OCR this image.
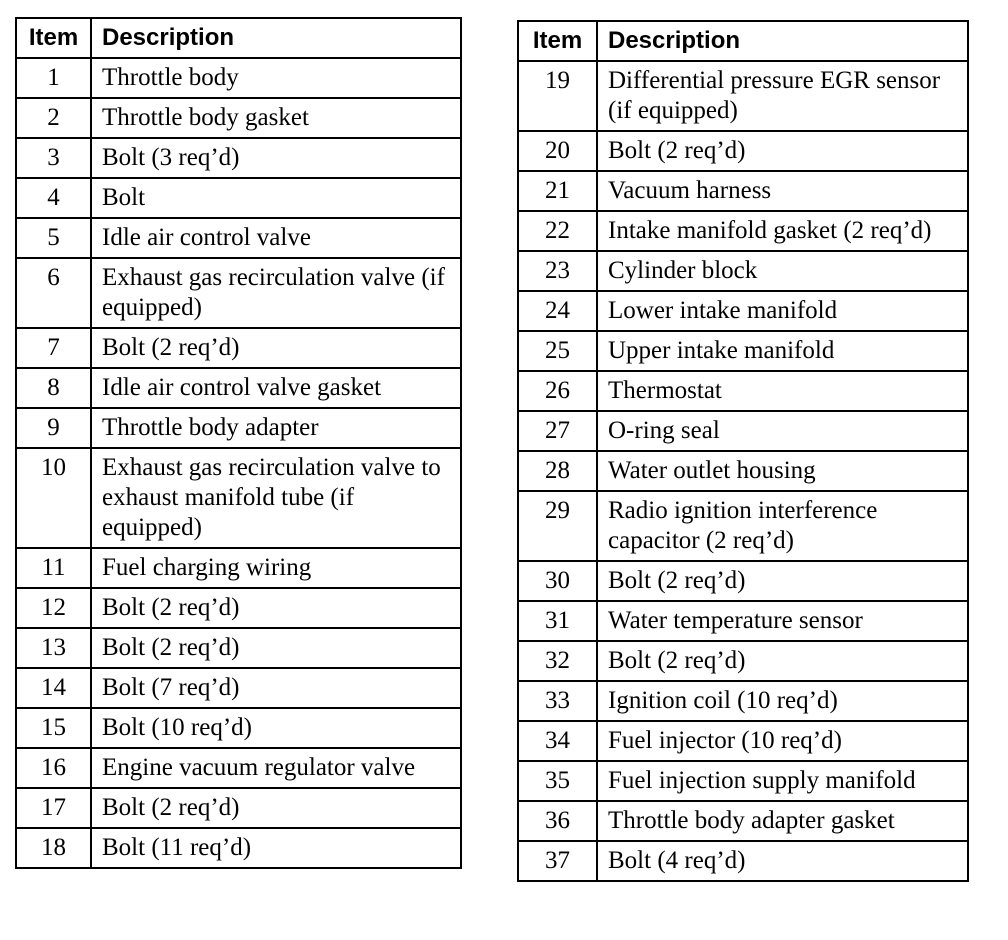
Item	Description
1	Throttle body
2	Throttle body gasket
3	Bolt (3 req’d)
4	Bolt
5	Idle air control valve
6	Exhaust gas recirculation valve (if equipped)
7	Bolt (2 req’d)
8	Idle air control valve gasket
9	Throttle body adapter
10	Exhaust gas recirculation valve to exhaust manifold tube (if equipped)
11	Fuel charging wiring
12	Bolt (2 req’d)
13	Bolt (2 req’d)
14	Bolt (7 req’d)
15	Bolt (10 req’d)
16	Engine vacuum regulator valve
17	Bolt (2 req’d)
18	Bolt (11 req’d)
Item	Description
19	Differential pressure EGR sensor (if equipped)
20	Bolt (2 req’d)
21	Vacuum harness
22	Intake manifold gasket (2 req’d)
23	Cylinder block
24	Lower intake manifold
25	Upper intake manifold
26	Thermostat
27	O-ring seal
28	Water outlet housing
29	Radio ignition interference capacitor (2 req’d)
30	Bolt (2 req’d)
31	Water temperature sensor
32	Bolt (2 req’d)
33	Ignition coil (10 req’d)
34	Fuel injector (10 req’d)
35	Fuel injection supply manifold
36	Throttle body adapter gasket
37	Bolt (4 req’d)
